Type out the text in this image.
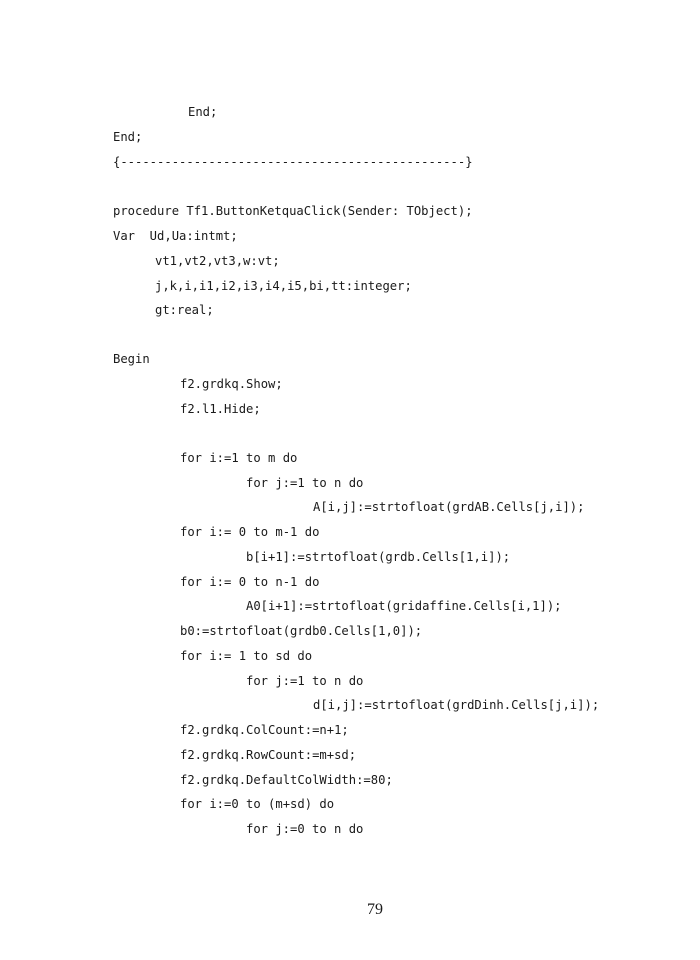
End;
End;
{-----------------------------------------------}
procedure Tf1.ButtonKetquaClick(Sender: TObject);
Var  Ud,Ua:intmt;
vt1,vt2,vt3,w:vt;
j,k,i,i1,i2,i3,i4,i5,bi,tt:integer;
gt:real;
Begin
f2.grdkq.Show;
f2.l1.Hide;
for i:=1 to m do
for j:=1 to n do
A[i,j]:=strtofloat(grdAB.Cells[j,i]);
for i:= 0 to m-1 do
b[i+1]:=strtofloat(grdb.Cells[1,i]);
for i:= 0 to n-1 do
A0[i+1]:=strtofloat(gridaffine.Cells[i,1]);
b0:=strtofloat(grdb0.Cells[1,0]);
for i:= 1 to sd do
for j:=1 to n do
d[i,j]:=strtofloat(grdDinh.Cells[j,i]);
f2.grdkq.ColCount:=n+1;
f2.grdkq.RowCount:=m+sd;
f2.grdkq.DefaultColWidth:=80;
for i:=0 to (m+sd) do
for j:=0 to n do
79
